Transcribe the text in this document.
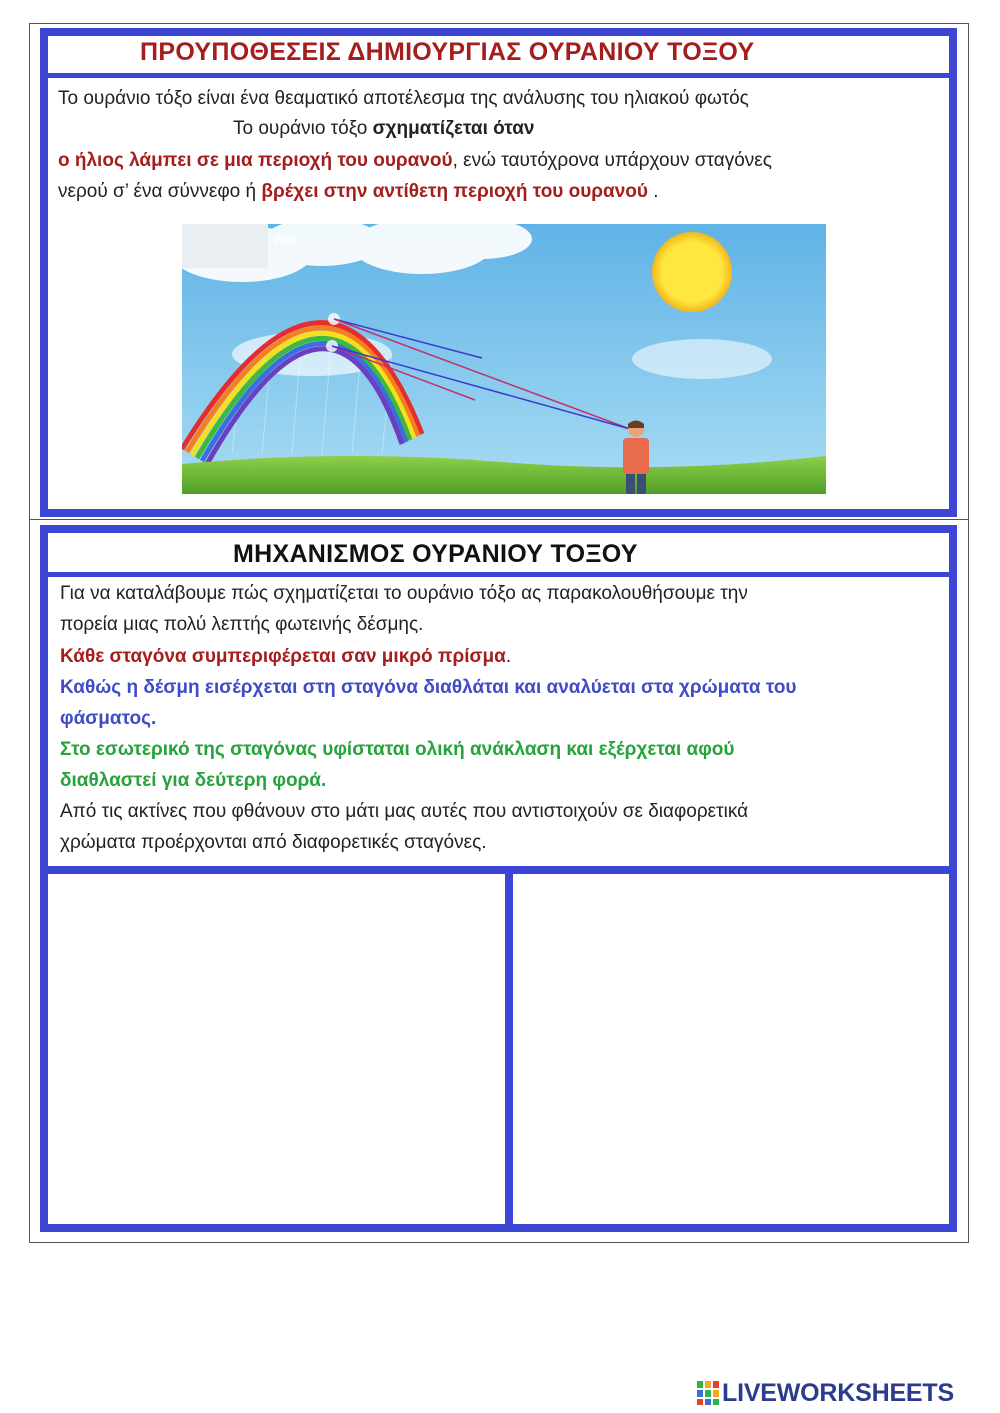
ΠΡΟΥΠΟΘΕΣΕΙΣ ΔΗΜΙΟΥΡΓΙΑΣ ΟΥΡΑΝΙΟΥ ΤΟΞΟΥ
Το ουράνιο τόξο είναι ένα θεαματικό αποτέλεσμα της ανάλυσης του ηλιακού φωτός
Το ουράνιο τόξο σχηματίζεται όταν
ο ήλιος λάμπει σε μια περιοχή του ουρανού, ενώ ταυτόχρονα υπάρχουν σταγόνες
νερού σ’ ένα σύννεφο ή βρέχει στην αντίθετη περιοχή του ουρανού .
nce
ΜΗΧΑΝΙΣΜΟΣ ΟΥΡΑΝΙΟΥ ΤΟΞΟΥ
Για να καταλάβουμε πώς σχηματίζεται το ουράνιο τόξο ας παρακολουθήσουμε την
πορεία μιας πολύ λεπτής φωτεινής δέσμης.
Κάθε σταγόνα συμπεριφέρεται σαν μικρό πρίσμα.
Καθώς η δέσμη εισέρχεται στη σταγόνα διαθλάται και αναλύεται στα χρώματα του
φάσματος.
Στο εσωτερικό της σταγόνας υφίσταται ολική ανάκλαση και εξέρχεται αφού
διαθλαστεί για δεύτερη φορά.
Από τις ακτίνες που φθάνουν στο μάτι μας αυτές που αντιστοιχούν σε διαφορετικά
χρώματα προέρχονται από διαφορετικές σταγόνες.
LIVEWORKSHEETS
